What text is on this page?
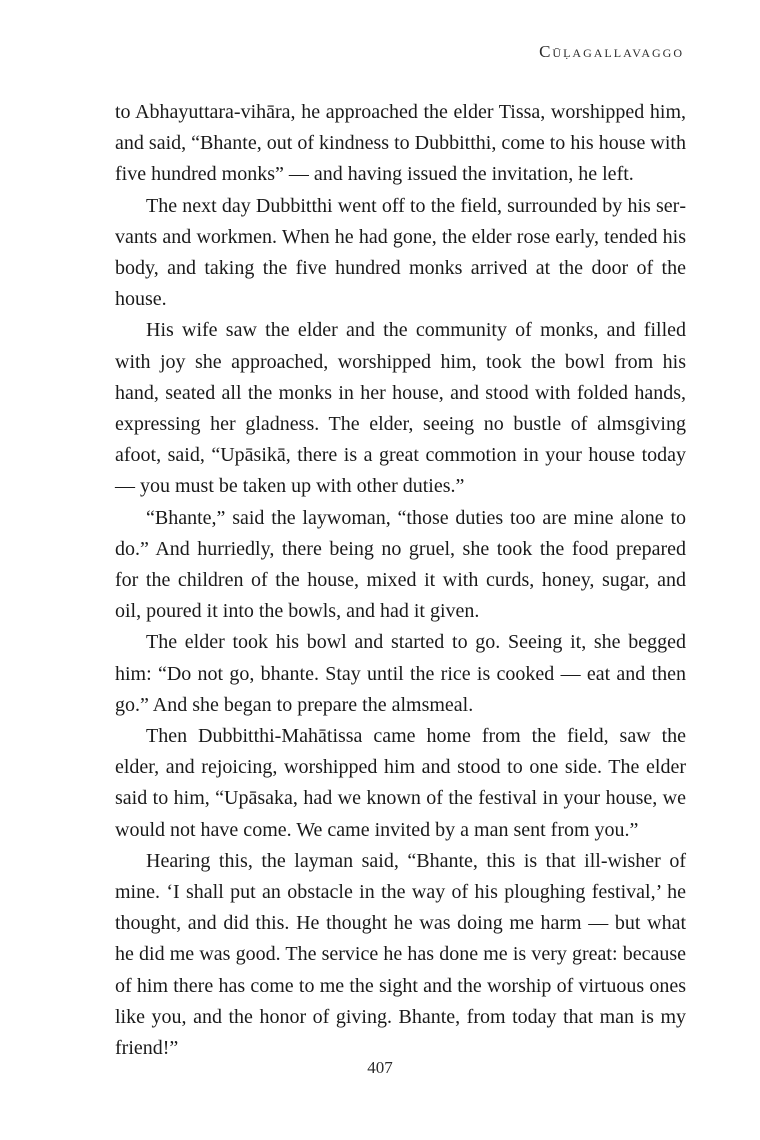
Cūḷagallavaggo

to Abhayuttara-vihāra, he approached the elder Tissa, worshipped him, and said, “Bhante, out of kindness to Dubbitthi, come to his house with five hundred monks” — and having issued the invitation, he left.

The next day Dubbitthi went off to the field, surrounded by his servants and workmen. When he had gone, the elder rose early, tended his body, and taking the five hundred monks arrived at the door of the house.

His wife saw the elder and the community of monks, and filled with joy she approached, worshipped him, took the bowl from his hand, seated all the monks in her house, and stood with folded hands, expressing her gladness. The elder, seeing no bustle of almsgiving afoot, said, “Upāsikā, there is a great commotion in your house today — you must be taken up with other duties.”

“Bhante,” said the laywoman, “those duties too are mine alone to do.” And hurriedly, there being no gruel, she took the food prepared for the children of the house, mixed it with curds, honey, sugar, and oil, poured it into the bowls, and had it given.

The elder took his bowl and started to go. Seeing it, she begged him: “Do not go, bhante. Stay until the rice is cooked — eat and then go.” And she began to prepare the almsmeal.

Then Dubbitthi-Mahātissa came home from the field, saw the elder, and rejoicing, worshipped him and stood to one side. The elder said to him, “Upāsaka, had we known of the festival in your house, we would not have come. We came invited by a man sent from you.”

Hearing this, the layman said, “Bhante, this is that ill-wisher of mine. ‘I shall put an obstacle in the way of his ploughing festival,’ he thought, and did this. He thought he was doing me harm — but what he did me was good. The service he has done me is very great: because of him there has come to me the sight and the worship of virtuous ones like you, and the honor of giving. Bhante, from today that man is my friend!”

407
